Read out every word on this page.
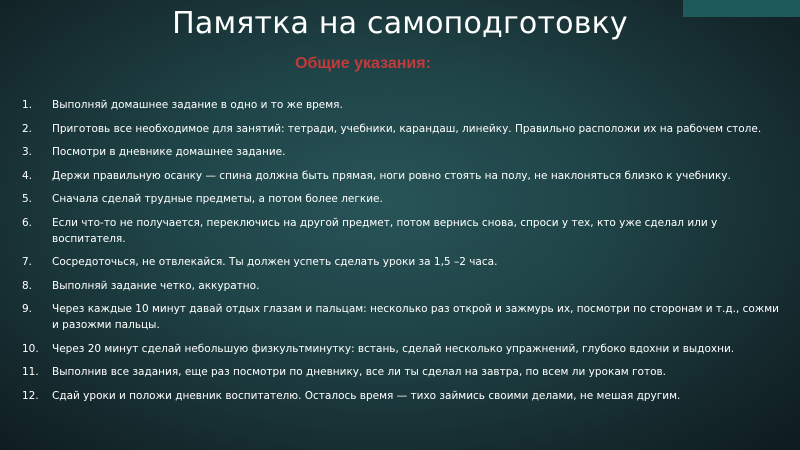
Памятка на самоподготовку
Общие указания:
1.	Выполняй домашнее задание в одно и то же время.
2.	Приготовь все необходимое для занятий: тетради, учебники, карандаш, линейку. Правильно расположи их на рабочем столе.
3.	Посмотри в дневнике домашнее задание.
4.	Держи правильную осанку — спина должна быть прямая, ноги ровно стоять на полу, не наклоняться близко к учебнику.
5.	Сначала сделай трудные предметы, а потом более легкие.
6.	Если что-то не получается, переключись на другой предмет, потом вернись снова, спроси у тех, кто уже сделал или у воспитателя.
7.	Сосредоточься, не отвлекайся. Ты должен успеть сделать уроки за 1,5 –2 часа.
8.	Выполняй задание четко, аккуратно.
9.	Через каждые 10 минут давай отдых глазам и пальцам: несколько раз открой и зажмурь их, посмотри по сторонам и т.д., сожми и разожми пальцы.
10.	Через 20 минут сделай небольшую физкультминутку: встань, сделай несколько упражнений, глубоко вдохни и выдохни.
11.	Выполнив все задания, еще раз посмотри по дневнику, все ли ты сделал на завтра, по всем ли урокам готов.
12.	Сдай уроки и положи дневник воспитателю. Осталось время — тихо займись своими делами, не мешая другим.
